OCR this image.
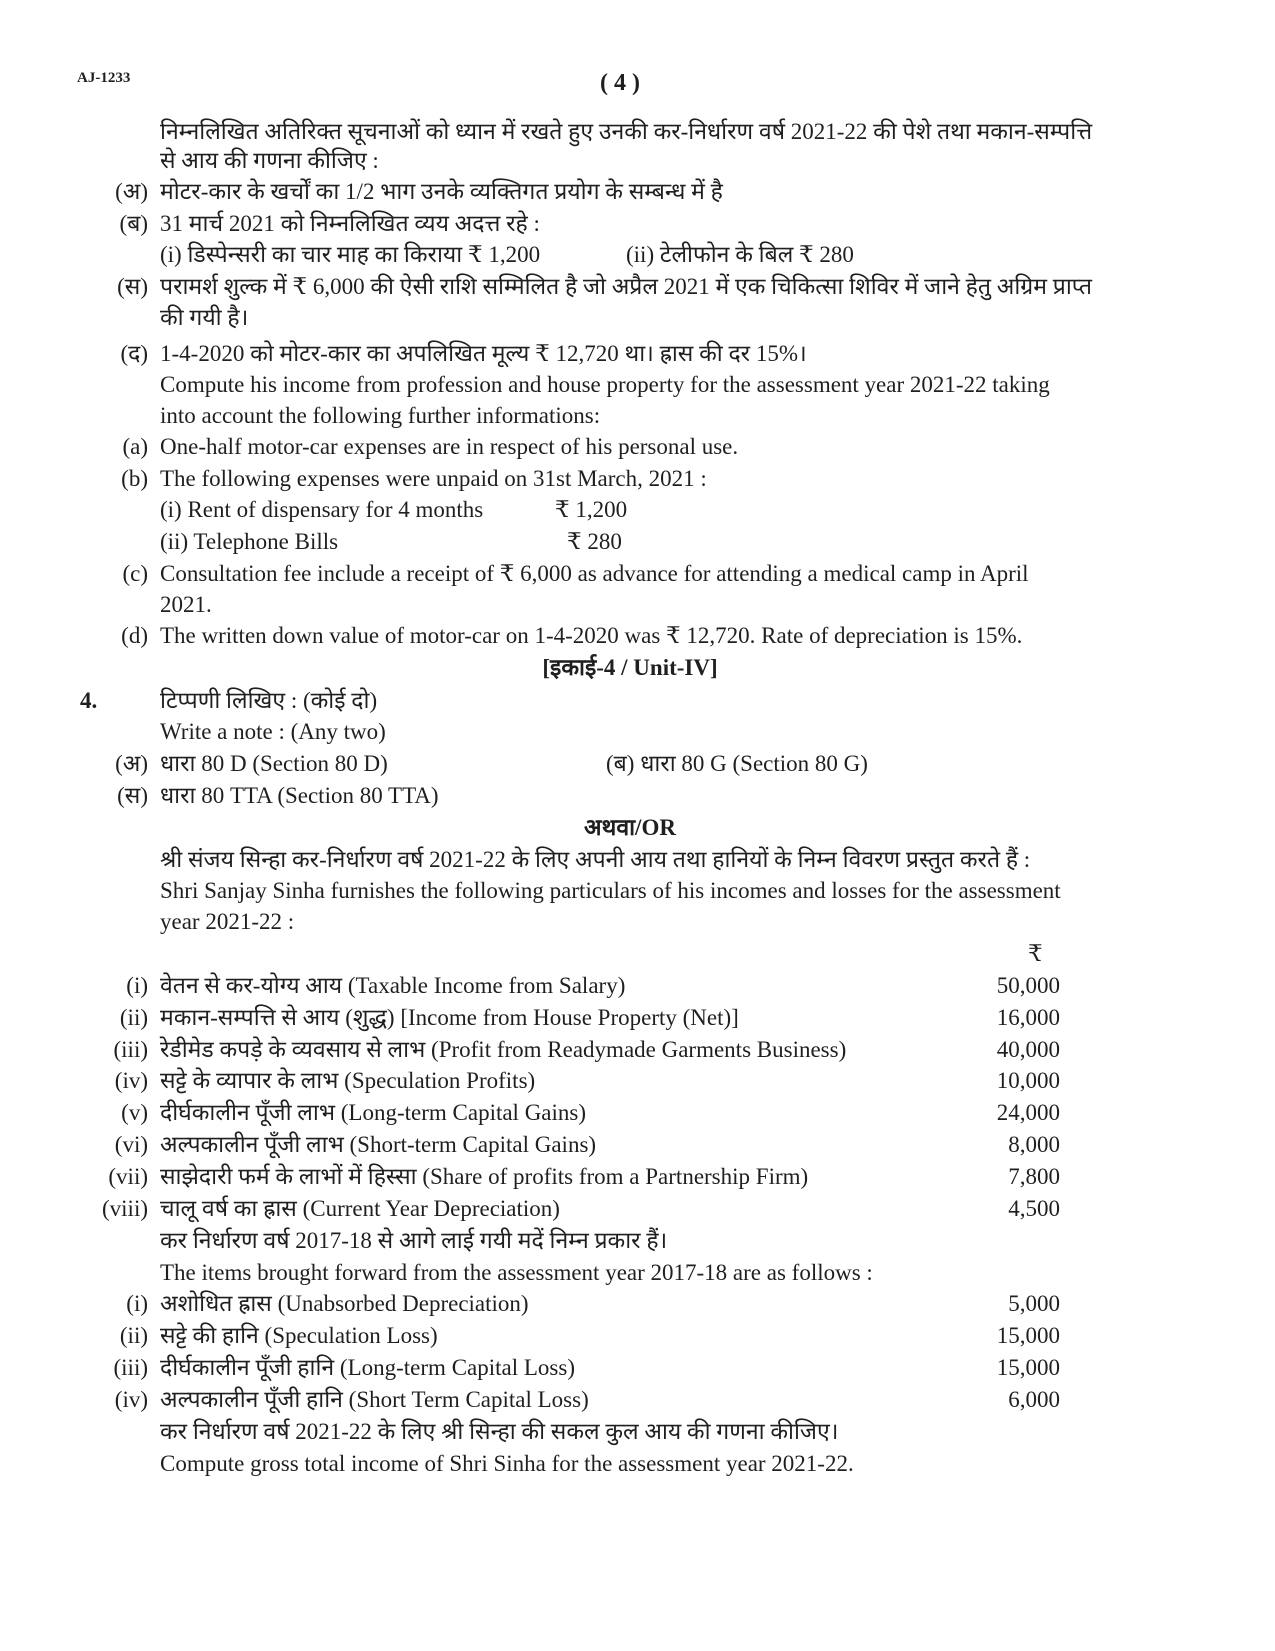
AJ-1233	( 4 )
निम्नलिखित अतिरिक्त सूचनाओं को ध्यान में रखते हुए उनकी कर-निर्धारण वर्ष 2021-22 की पेशे तथा मकान-सम्पत्ति
से आय की गणना कीजिए :
(अ) मोटर-कार के खर्चों का 1/2 भाग उनके व्यक्तिगत प्रयोग के सम्बन्ध में है
(ब) 31 मार्च 2021 को निम्नलिखित व्यय अदत्त रहे :
(i) डिस्पेन्सरी का चार माह का किराया ₹ 1,200	(ii) टेलीफोन के बिल ₹ 280
(स) परामर्श शुल्क में ₹ 6,000 की ऐसी राशि सम्मिलित है जो अप्रैल 2021 में एक चिकित्सा शिविर में जाने हेतु अग्रिम प्राप्त
की गयी है।
(द) 1-4-2020 को मोटर-कार का अपलिखित मूल्य ₹ 12,720 था। ह्रास की दर 15%।
Compute his income from profession and house property for the assessment year 2021-22 taking
into account the following further informations:
(a) One-half motor-car expenses are in respect of his personal use.
(b) The following expenses were unpaid on 31st March, 2021 :
(i) Rent of dispensary for 4 months	₹ 1,200
(ii) Telephone Bills	₹ 280
(c) Consultation fee include a receipt of ₹ 6,000 as advance for attending a medical camp in April
2021.
(d) The written down value of motor-car on 1-4-2020 was ₹ 12,720. Rate of depreciation is 15%.
[इकाई-4 / Unit-IV]
4.	टिप्पणी लिखिए : (कोई दो)
Write a note : (Any two)
(अ) धारा 80 D (Section 80 D)	(ब) धारा 80 G (Section 80 G)
(स) धारा 80 TTA (Section 80 TTA)
अथवा/OR
श्री संजय सिन्हा कर-निर्धारण वर्ष 2021-22 के लिए अपनी आय तथा हानियों के निम्न विवरण प्रस्तुत करते हैं :
Shri Sanjay Sinha furnishes the following particulars of his incomes and losses for the assessment
year 2021-22 :
₹
(i) वेतन से कर-योग्य आय (Taxable Income from Salary)	50,000
(ii) मकान-सम्पत्ति से आय (शुद्ध) [Income from House Property (Net)]	16,000
(iii) रेडीमेड कपड़े के व्यवसाय से लाभ (Profit from Readymade Garments Business)	40,000
(iv) सट्टे के व्यापार के लाभ (Speculation Profits)	10,000
(v) दीर्घकालीन पूँजी लाभ (Long-term Capital Gains)	24,000
(vi) अल्पकालीन पूँजी लाभ (Short-term Capital Gains)	8,000
(vii) साझेदारी फर्म के लाभों में हिस्सा (Share of profits from a Partnership Firm)	7,800
(viii) चालू वर्ष का ह्रास (Current Year Depreciation)	4,500
कर निर्धारण वर्ष 2017-18 से आगे लाई गयी मदें निम्न प्रकार हैं।
The items brought forward from the assessment year 2017-18 are as follows :
(i) अशोधित ह्रास (Unabsorbed Depreciation)	5,000
(ii) सट्टे की हानि (Speculation Loss)	15,000
(iii) दीर्घकालीन पूँजी हानि (Long-term Capital Loss)	15,000
(iv) अल्पकालीन पूँजी हानि (Short Term Capital Loss)	6,000
कर निर्धारण वर्ष 2021-22 के लिए श्री सिन्हा की सकल कुल आय की गणना कीजिए।
Compute gross total income of Shri Sinha for the assessment year 2021-22.
